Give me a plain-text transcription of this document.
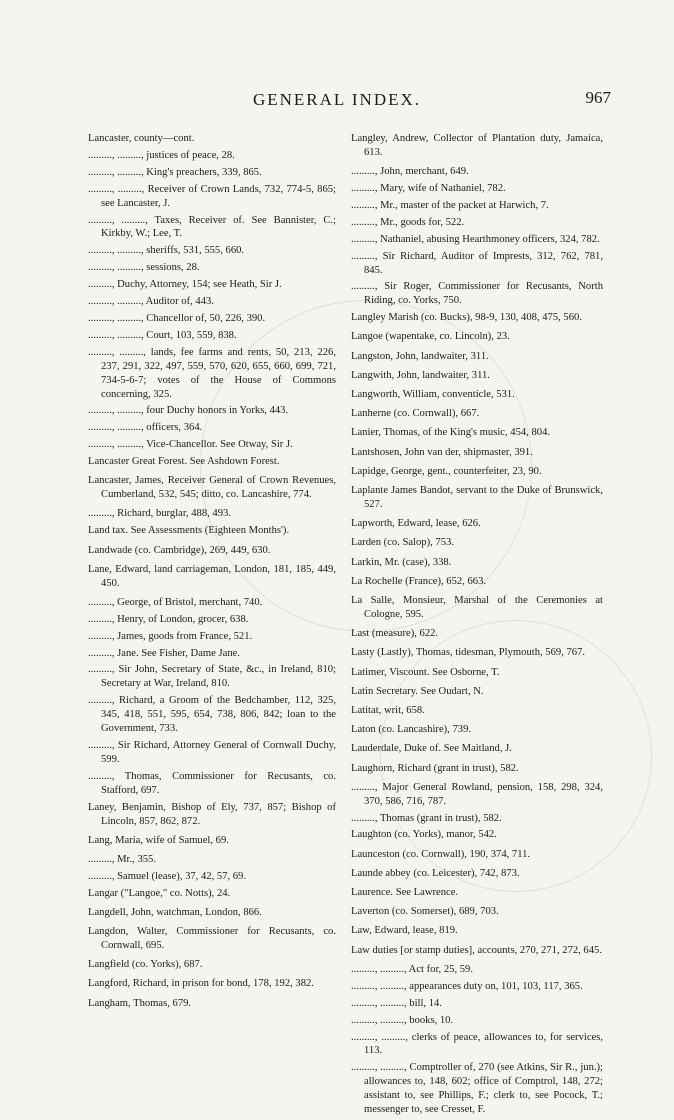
GENERAL INDEX.	967

Lancaster, county—cont.

........., ........., justices of peace, 28.

........., ........., King's preachers, 339, 865.

........., ........., Receiver of Crown Lands, 732, 774-5, 865; see Lancaster, J.

........., ........., Taxes, Receiver of. See Bannister, C.; Kirkby, W.; Lee, T.

........., ........., sheriffs, 531, 555, 660.

........., ........., sessions, 28.

........., Duchy, Attorney, 154; see Heath, Sir J.

........., ........., Auditor of, 443.

........., ........., Chancellor of, 50, 226, 390.

........., ........., Court, 103, 559, 838.

........., ........., lands, fee farms and rents, 50, 213, 226, 237, 291, 322, 497, 559, 570, 620, 655, 660, 699, 721, 734-5-6-7; votes of the House of Commons concerning, 325.

........., ........., four Duchy honors in Yorks, 443.

........., ........., officers, 364.

........., ........., Vice-Chancellor. See Otway, Sir J.

Lancaster Great Forest. See Ashdown Forest.

Lancaster, James, Receiver General of Crown Revenues, Cumberland, 532, 545; ditto, co. Lancashire, 774.

........., Richard, burglar, 488, 493.

Land tax. See Assessments (Eighteen Months').

Landwade (co. Cambridge), 269, 449, 630.

Lane, Edward, land carriageman, London, 181, 185, 449, 450.

........., George, of Bristol, merchant, 740.

........., Henry, of London, grocer, 638.

........., James, goods from France, 521.

........., Jane. See Fisher, Dame Jane.

........., Sir John, Secretary of State, &c., in Ireland, 810; Secretary at War, Ireland, 810.

........., Richard, a Groom of the Bedchamber, 112, 325, 345, 418, 551, 595, 654, 738, 806, 842; loan to the Government, 733.

........., Sir Richard, Attorney General of Cornwall Duchy, 599.

........., Thomas, Commissioner for Recusants, co. Stafford, 697.

Laney, Benjamin, Bishop of Ely, 737, 857; Bishop of Lincoln, 857, 862, 872.

Lang, Maria, wife of Samuel, 69.

........., Mr., 355.

........., Samuel (lease), 37, 42, 57, 69.

Langar ("Langoe," co. Notts), 24.

Langdell, John, watchman, London, 866.

Langdon, Walter, Commissioner for Recusants, co. Cornwall, 695.

Langfield (co. Yorks), 687.

Langford, Richard, in prison for bond, 178, 192, 382.

Langham, Thomas, 679.

Langley, Andrew, Collector of Plantation duty, Jamaica, 613.

........., John, merchant, 649.

........., Mary, wife of Nathaniel, 782.

........., Mr., master of the packet at Harwich, 7.

........., Mr., goods for, 522.

........., Nathaniel, abusing Hearthmoney officers, 324, 782.

........., Sir Richard, Auditor of Imprests, 312, 762, 781, 845.

........., Sir Roger, Commissioner for Recusants, North Riding, co. Yorks, 750.

Langley Marish (co. Bucks), 98-9, 130, 408, 475, 560.

Langoe (wapentake, co. Lincoln), 23.

Langston, John, landwaiter, 311.

Langwith, John, landwaiter, 311.

Langworth, William, conventicle, 531.

Lanherne (co. Cornwall), 667.

Lanier, Thomas, of the King's music, 454, 804.

Lantshosen, John van der, shipmaster, 391.

Lapidge, George, gent., counterfeiter, 23, 90.

Laplante James Bandot, servant to the Duke of Brunswick, 527.

Lapworth, Edward, lease, 626.

Larden (co. Salop), 753.

Larkin, Mr. (case), 338.

La Rochelle (France), 652, 663.

La Salle, Monsieur, Marshal of the Ceremonies at Cologne, 595.

Last (measure), 622.

Lasty (Lastly), Thomas, tidesman, Plymouth, 569, 767.

Latimer, Viscount. See Osborne, T.

Latin Secretary. See Oudart, N.

Latitat, writ, 658.

Laton (co. Lancashire), 739.

Lauderdale, Duke of. See Maitland, J.

Laughorn, Richard (grant in trust), 582.

........., Major General Rowland, pension, 158, 298, 324, 370, 586, 716, 787.

........., Thomas (grant in trust), 582.

Laughton (co. Yorks), manor, 542.

Launceston (co. Cornwall), 190, 374, 711.

Launde abbey (co. Leicester), 742, 873.

Laurence. See Lawrence.

Laverton (co. Somerset), 689, 703.

Law, Edward, lease, 819.

Law duties [or stamp duties], accounts, 270, 271, 272, 645.

........., ........., Act for, 25, 59.

........., ........., appearances duty on, 101, 103, 117, 365.

........., ........., bill, 14.

........., ........., books, 10.

........., ........., clerks of peace, allowances to, for services, 113.

........., ........., Comptroller of, 270 (see Atkins, Sir R., jun.); allowances to, 148, 602; office of Comptrol, 148, 272; assistant to, see Phillips, F.; clerk to, see Pocock, T.; messenger to, see Cresset, F.
